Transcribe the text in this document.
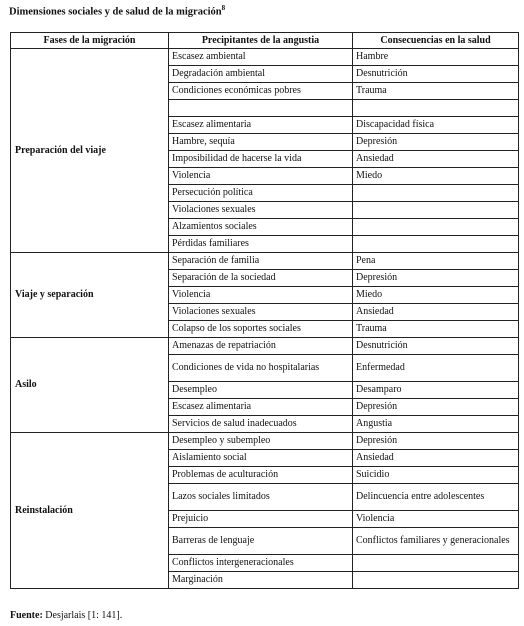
Dimensiones sociales y de salud de la migración$^8$
Fases de la migración	Precipitantes de la angustia	Consecuencias en la salud
Preparación del viaje	Escasez ambiental	Hambre
	Degradación ambiental	Desnutrición
	Condiciones económicas pobres	Trauma

	Escasez alimentaria	Discapacidad física
	Hambre, sequía	Depresión
	Imposibilidad de hacerse la vida	Ansiedad
	Violencia	Miedo
	Persecución política	
	Violaciones sexuales	
	Alzamientos sociales	
	Pérdidas familiares	
Viaje y separación	Separación de familia	Pena
	Separación de la sociedad	Depresión
	Violencia	Miedo
	Violaciones sexuales	Ansiedad
	Colapso de los soportes sociales	Trauma
Asilo	Amenazas de repatriación	Desnutrición
	Condiciones de vida no hospitalarias	Enfermedad
	Desempleo	Desamparo
	Escasez alimentaria	Depresión
	Servicios de salud inadecuados	Angustia
Reinstalación	Desempleo y subempleo	Depresión
	Aislamiento social	Ansiedad
	Problemas de aculturación	Suicidio
	Lazos sociales limitados	Delincuencia entre adolescentes
	Prejuicio	Violencia
	Barreras de lenguaje	Conflictos familiares y generacionales
	Conflictos intergeneracionales	
	Marginación	
Fuente: Desjarlais [1: 141].
